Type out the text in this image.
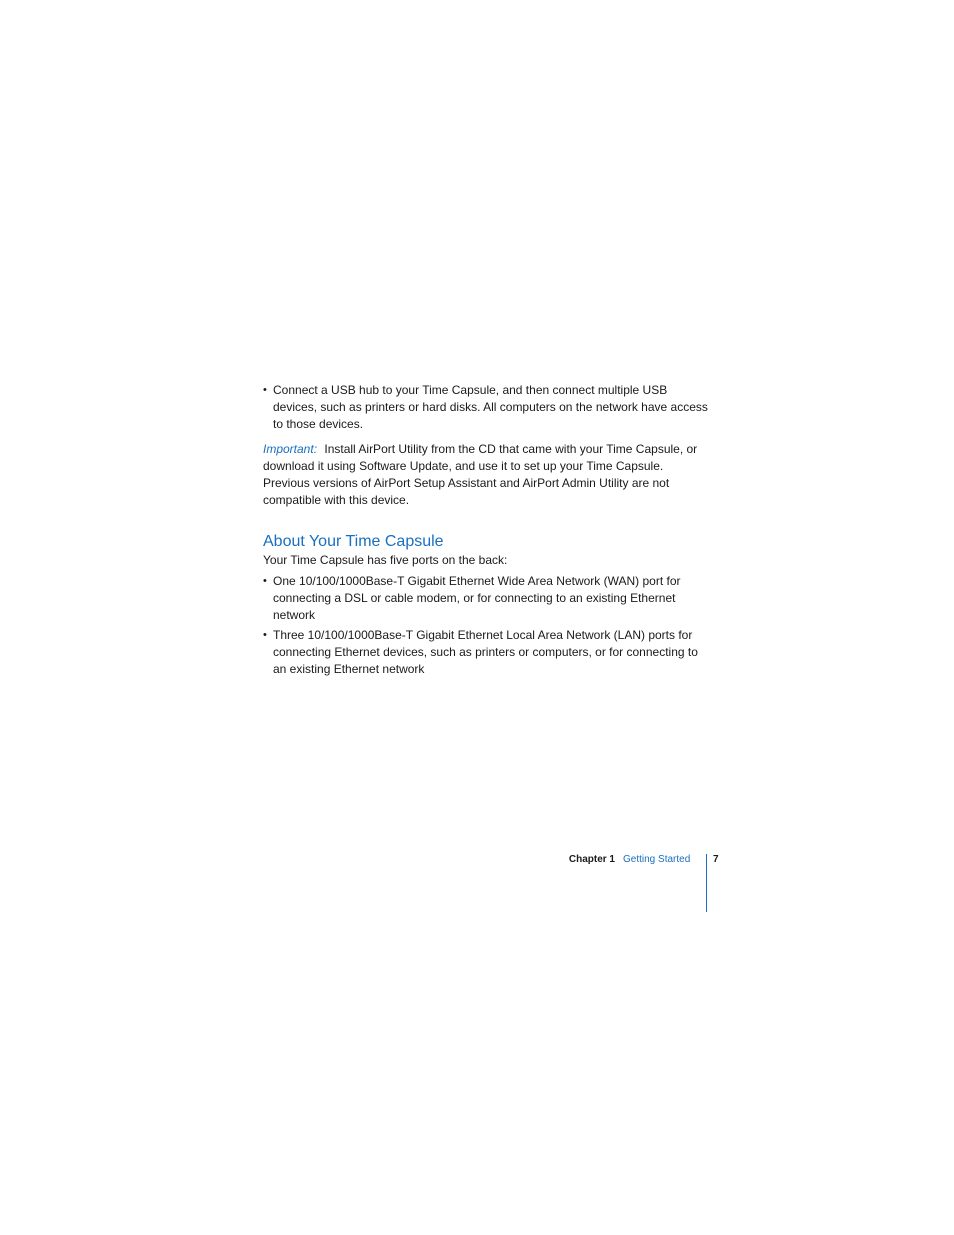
• Connect a USB hub to your Time Capsule, and then connect multiple USB devices, such as printers or hard disks. All computers on the network have access to those devices.

Important: Install AirPort Utility from the CD that came with your Time Capsule, or download it using Software Update, and use it to set up your Time Capsule. Previous versions of AirPort Setup Assistant and AirPort Admin Utility are not compatible with this device.

About Your Time Capsule

Your Time Capsule has five ports on the back:

• One 10/100/1000Base-T Gigabit Ethernet Wide Area Network (WAN) port for connecting a DSL or cable modem, or for connecting to an existing Ethernet network
• Three 10/100/1000Base-T Gigabit Ethernet Local Area Network (LAN) ports for connecting Ethernet devices, such as printers or computers, or for connecting to an existing Ethernet network
Chapter 1 Getting Started 7
